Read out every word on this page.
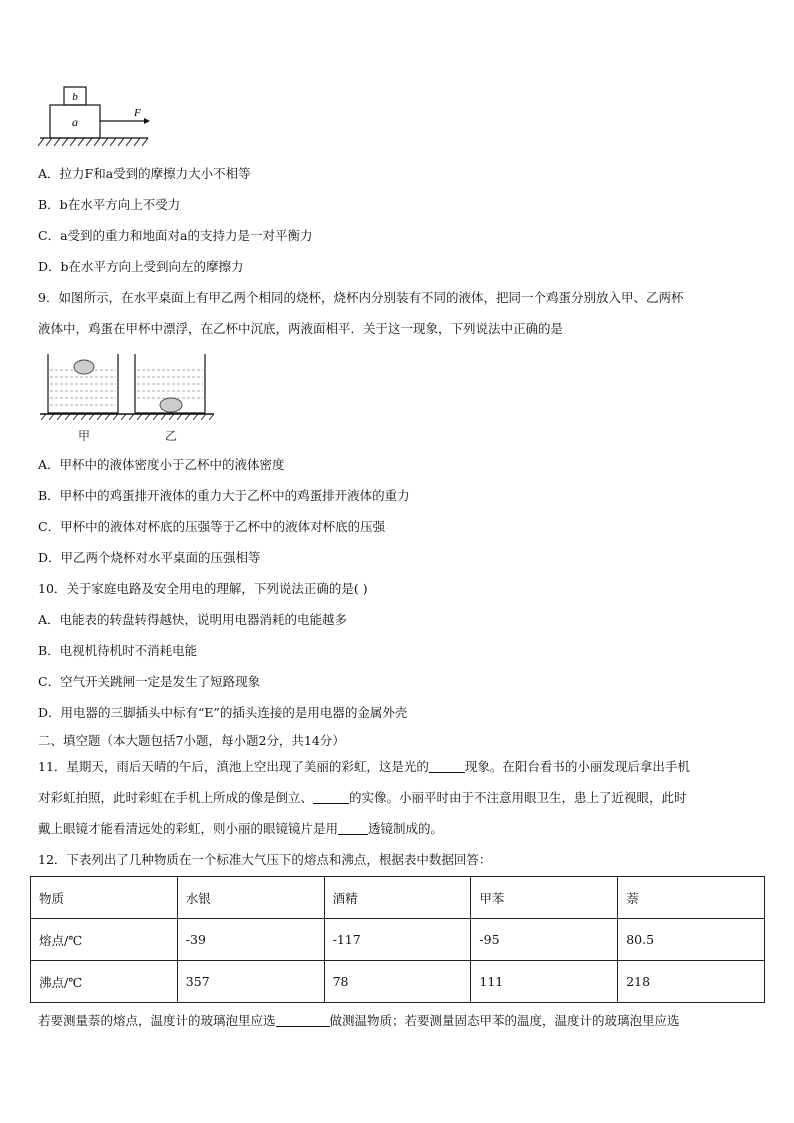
b
a
F
A．拉力F和a受到的摩擦力大小不相等
B．b在水平方向上不受力
C．a受到的重力和地面对a的支持力是一对平衡力
D．b在水平方向上受到向左的摩擦力
9．如图所示，在水平桌面上有甲乙两个相同的烧杯，烧杯内分别装有不同的液体，把同一个鸡蛋分别放入甲、乙两杯
液体中，鸡蛋在甲杯中漂浮，在乙杯中沉底，两液面相平．关于这一现象，下列说法中正确的是
甲	乙
A．甲杯中的液体密度小于乙杯中的液体密度
B．甲杯中的鸡蛋排开液体的重力大于乙杯中的鸡蛋排开液体的重力
C．甲杯中的液体对杯底的压强等于乙杯中的液体对杯底的压强
D．甲乙两个烧杯对水平桌面的压强相等
10．关于家庭电路及安全用电的理解，下列说法正确的是( )
A．电能表的转盘转得越快，说明用电器消耗的电能越多
B．电视机待机时不消耗电能
C．空气开关跳闸一定是发生了短路现象
D．用电器的三脚插头中标有“E”的插头连接的是用电器的金属外壳
二、填空题（本大题包括7小题，每小题2分，共14分）
11．星期天，雨后天晴的午后，滇池上空出现了美丽的彩虹，这是光的	现象。在阳台看书的小丽发现后拿出手机
对彩虹拍照，此时彩虹在手机上所成的像是倒立、	的实像。小丽平时由于不注意用眼卫生，患上了近视眼，此时
戴上眼镜才能看清远处的彩虹，则小丽的眼镜镜片是用 透镜制成的。
12．下表列出了几种物质在一个标准大气压下的熔点和沸点，根据表中数据回答：
物质	水银	酒精	甲苯	萘
熔点/℃	-39	-117	-95	80.5
沸点/℃	357	78	111	218
若要测量萘的熔点，温度计的玻璃泡里应选	做测温物质；若要测量固态甲苯的温度，温度计的玻璃泡里应选
